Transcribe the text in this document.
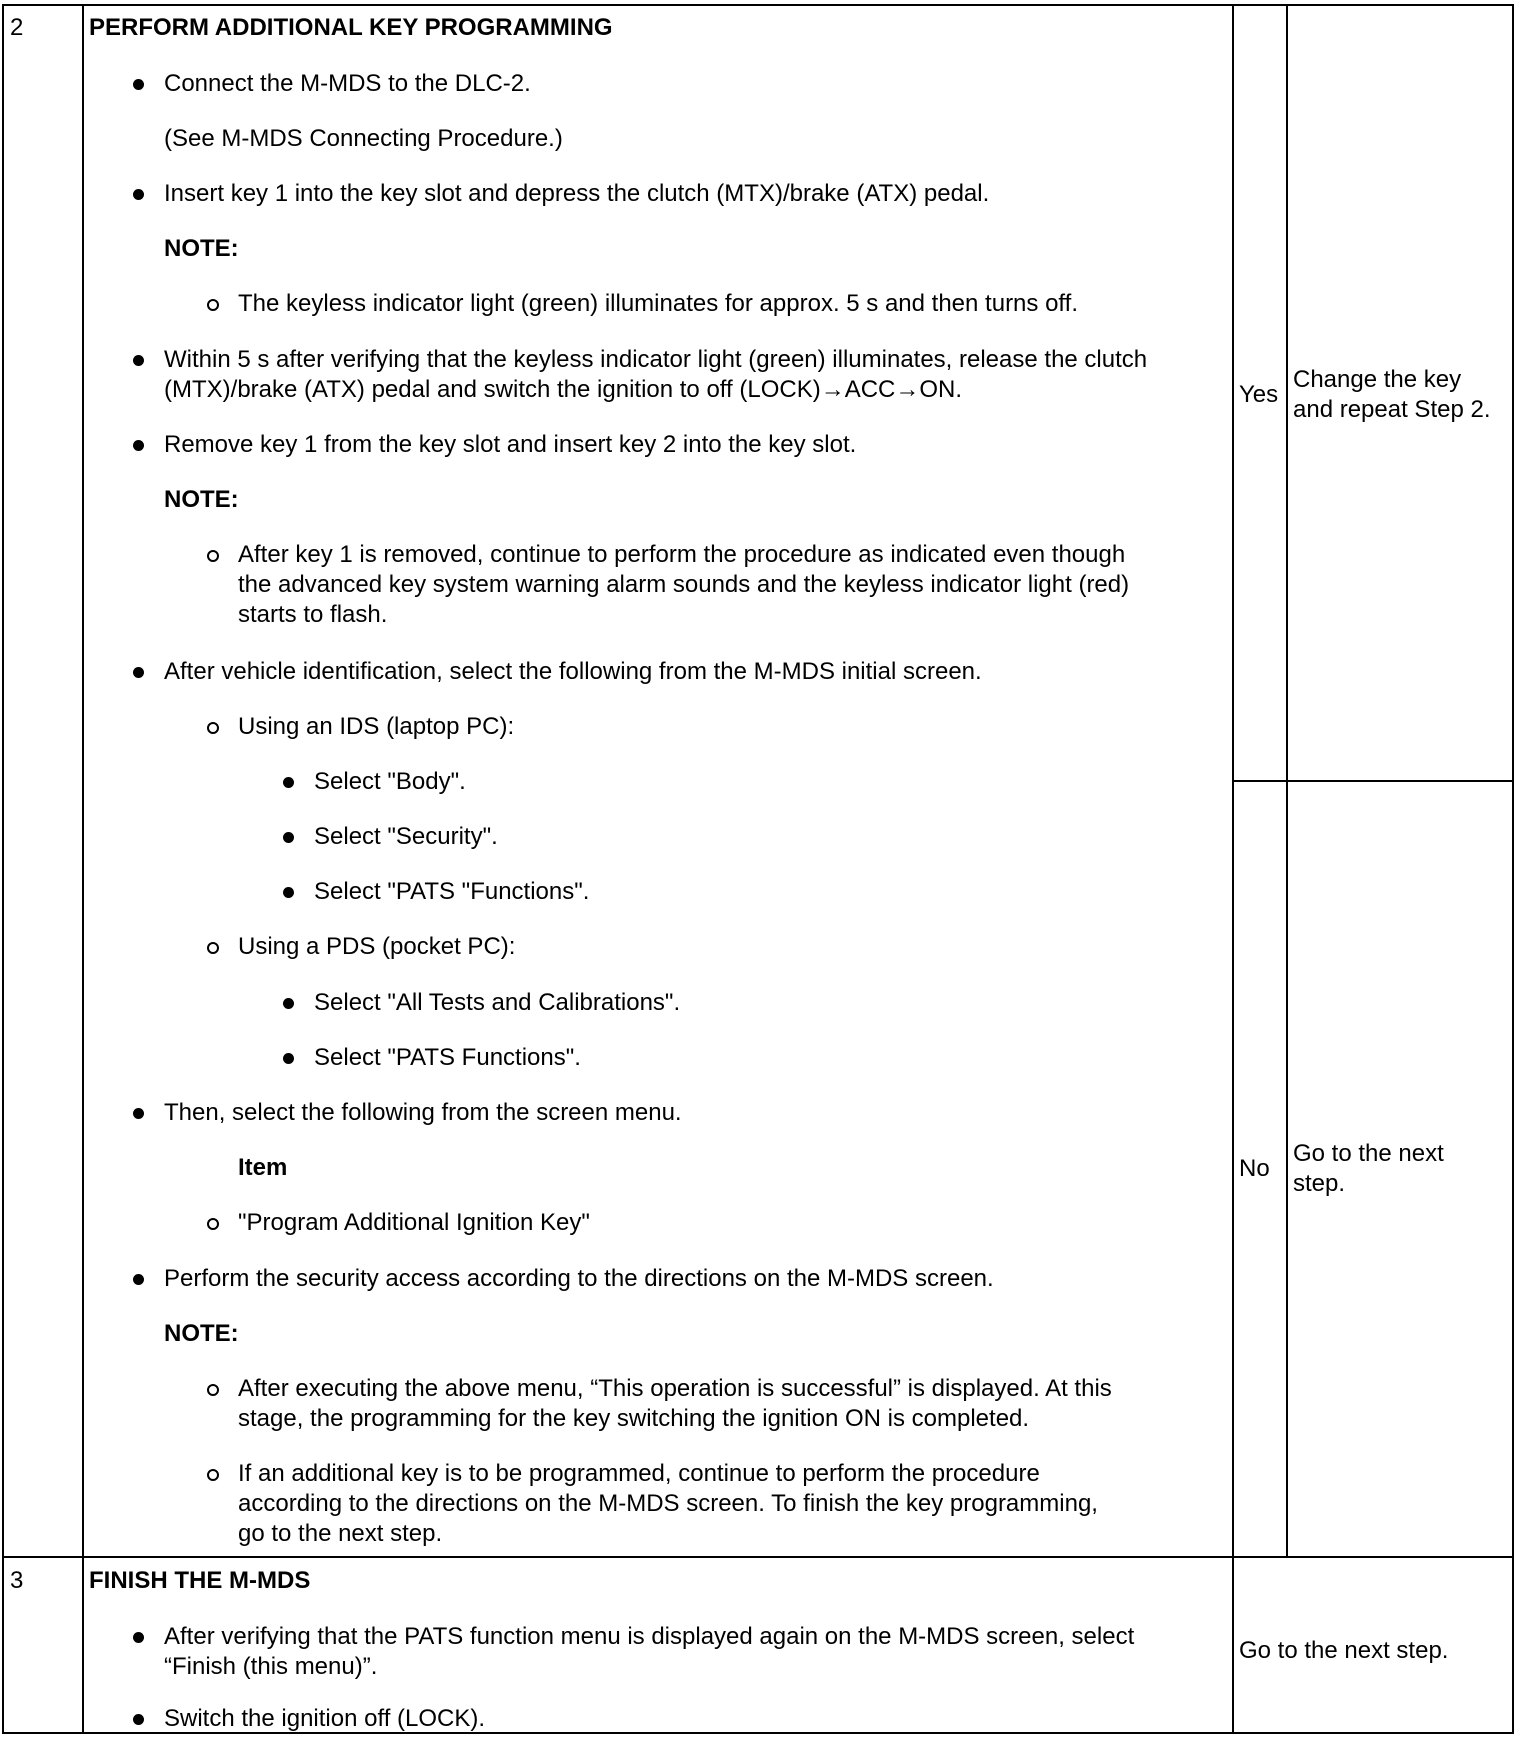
2	PERFORM ADDITIONAL KEY PROGRAMMING
Connect the M-MDS to the DLC-2.
(See M-MDS Connecting Procedure.)
Insert key 1 into the key slot and depress the clutch (MTX)/brake (ATX) pedal.
NOTE:
The keyless indicator light (green) illuminates for approx. 5 s and then turns off.
Within 5 s after verifying that the keyless indicator light (green) illuminates, release the clutch
(MTX)/brake (ATX) pedal and switch the ignition to off (LOCK)→ACC→ON.
Remove key 1 from the key slot and insert key 2 into the key slot.
NOTE:
After key 1 is removed, continue to perform the procedure as indicated even though
the advanced key system warning alarm sounds and the keyless indicator light (red)
starts to flash.
After vehicle identification, select the following from the M-MDS initial screen.
Using an IDS (laptop PC):
Select "Body".
Select "Security".
Select "PATS "Functions".
Using a PDS (pocket PC):
Select "All Tests and Calibrations".
Select "PATS Functions".
Then, select the following from the screen menu.
Item
"Program Additional Ignition Key"
Perform the security access according to the directions on the M-MDS screen.
NOTE:
After executing the above menu, “This operation is successful” is displayed. At this
stage, the programming for the key switching the ignition ON is completed.
If an additional key is to be programmed, continue to perform the procedure
according to the directions on the M-MDS screen. To finish the key programming,
go to the next step.
Yes
Change the key
and repeat Step 2.
No
Go to the next
step.
3	FINISH THE M-MDS
After verifying that the PATS function menu is displayed again on the M-MDS screen, select
“Finish (this menu)”.
Switch the ignition off (LOCK).
Go to the next step.
